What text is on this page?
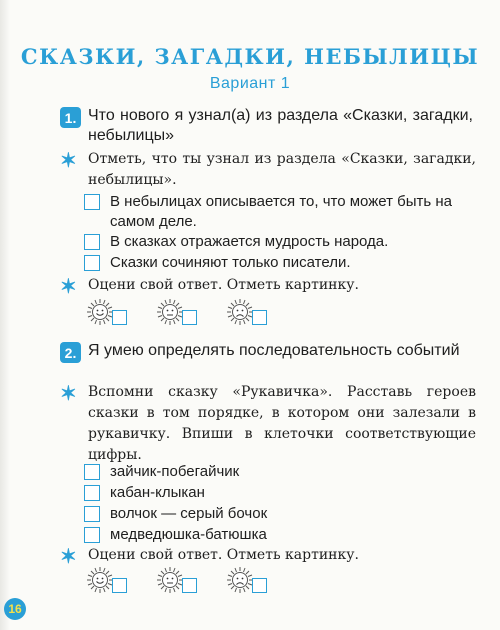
СКАЗКИ, ЗАГАДКИ, НЕБЫЛИЦЫ
Вариант 1
1. Что нового я узнал(а) из раздела «Сказки, загадки, небылицы»
✶ Отметь, что ты узнал из раздела «Сказки, загадки, небылицы».
В небылицах описывается то, что может быть на самом деле.
В сказках отражается мудрость народа.
Сказки сочиняют только писатели.
✶ Оцени свой ответ. Отметь картинку.
2. Я умею определять последовательность событий
✶ Вспомни сказку «Рукавичка». Расставь героев сказки в том порядке, в котором они залезали в рукавичку. Впиши в клеточки соответствующие цифры.
зайчик-побегайчик
кабан-клыкан
волчок — серый бочок
медведюшка-батюшка
✶ Оцени свой ответ. Отметь картинку.
16
